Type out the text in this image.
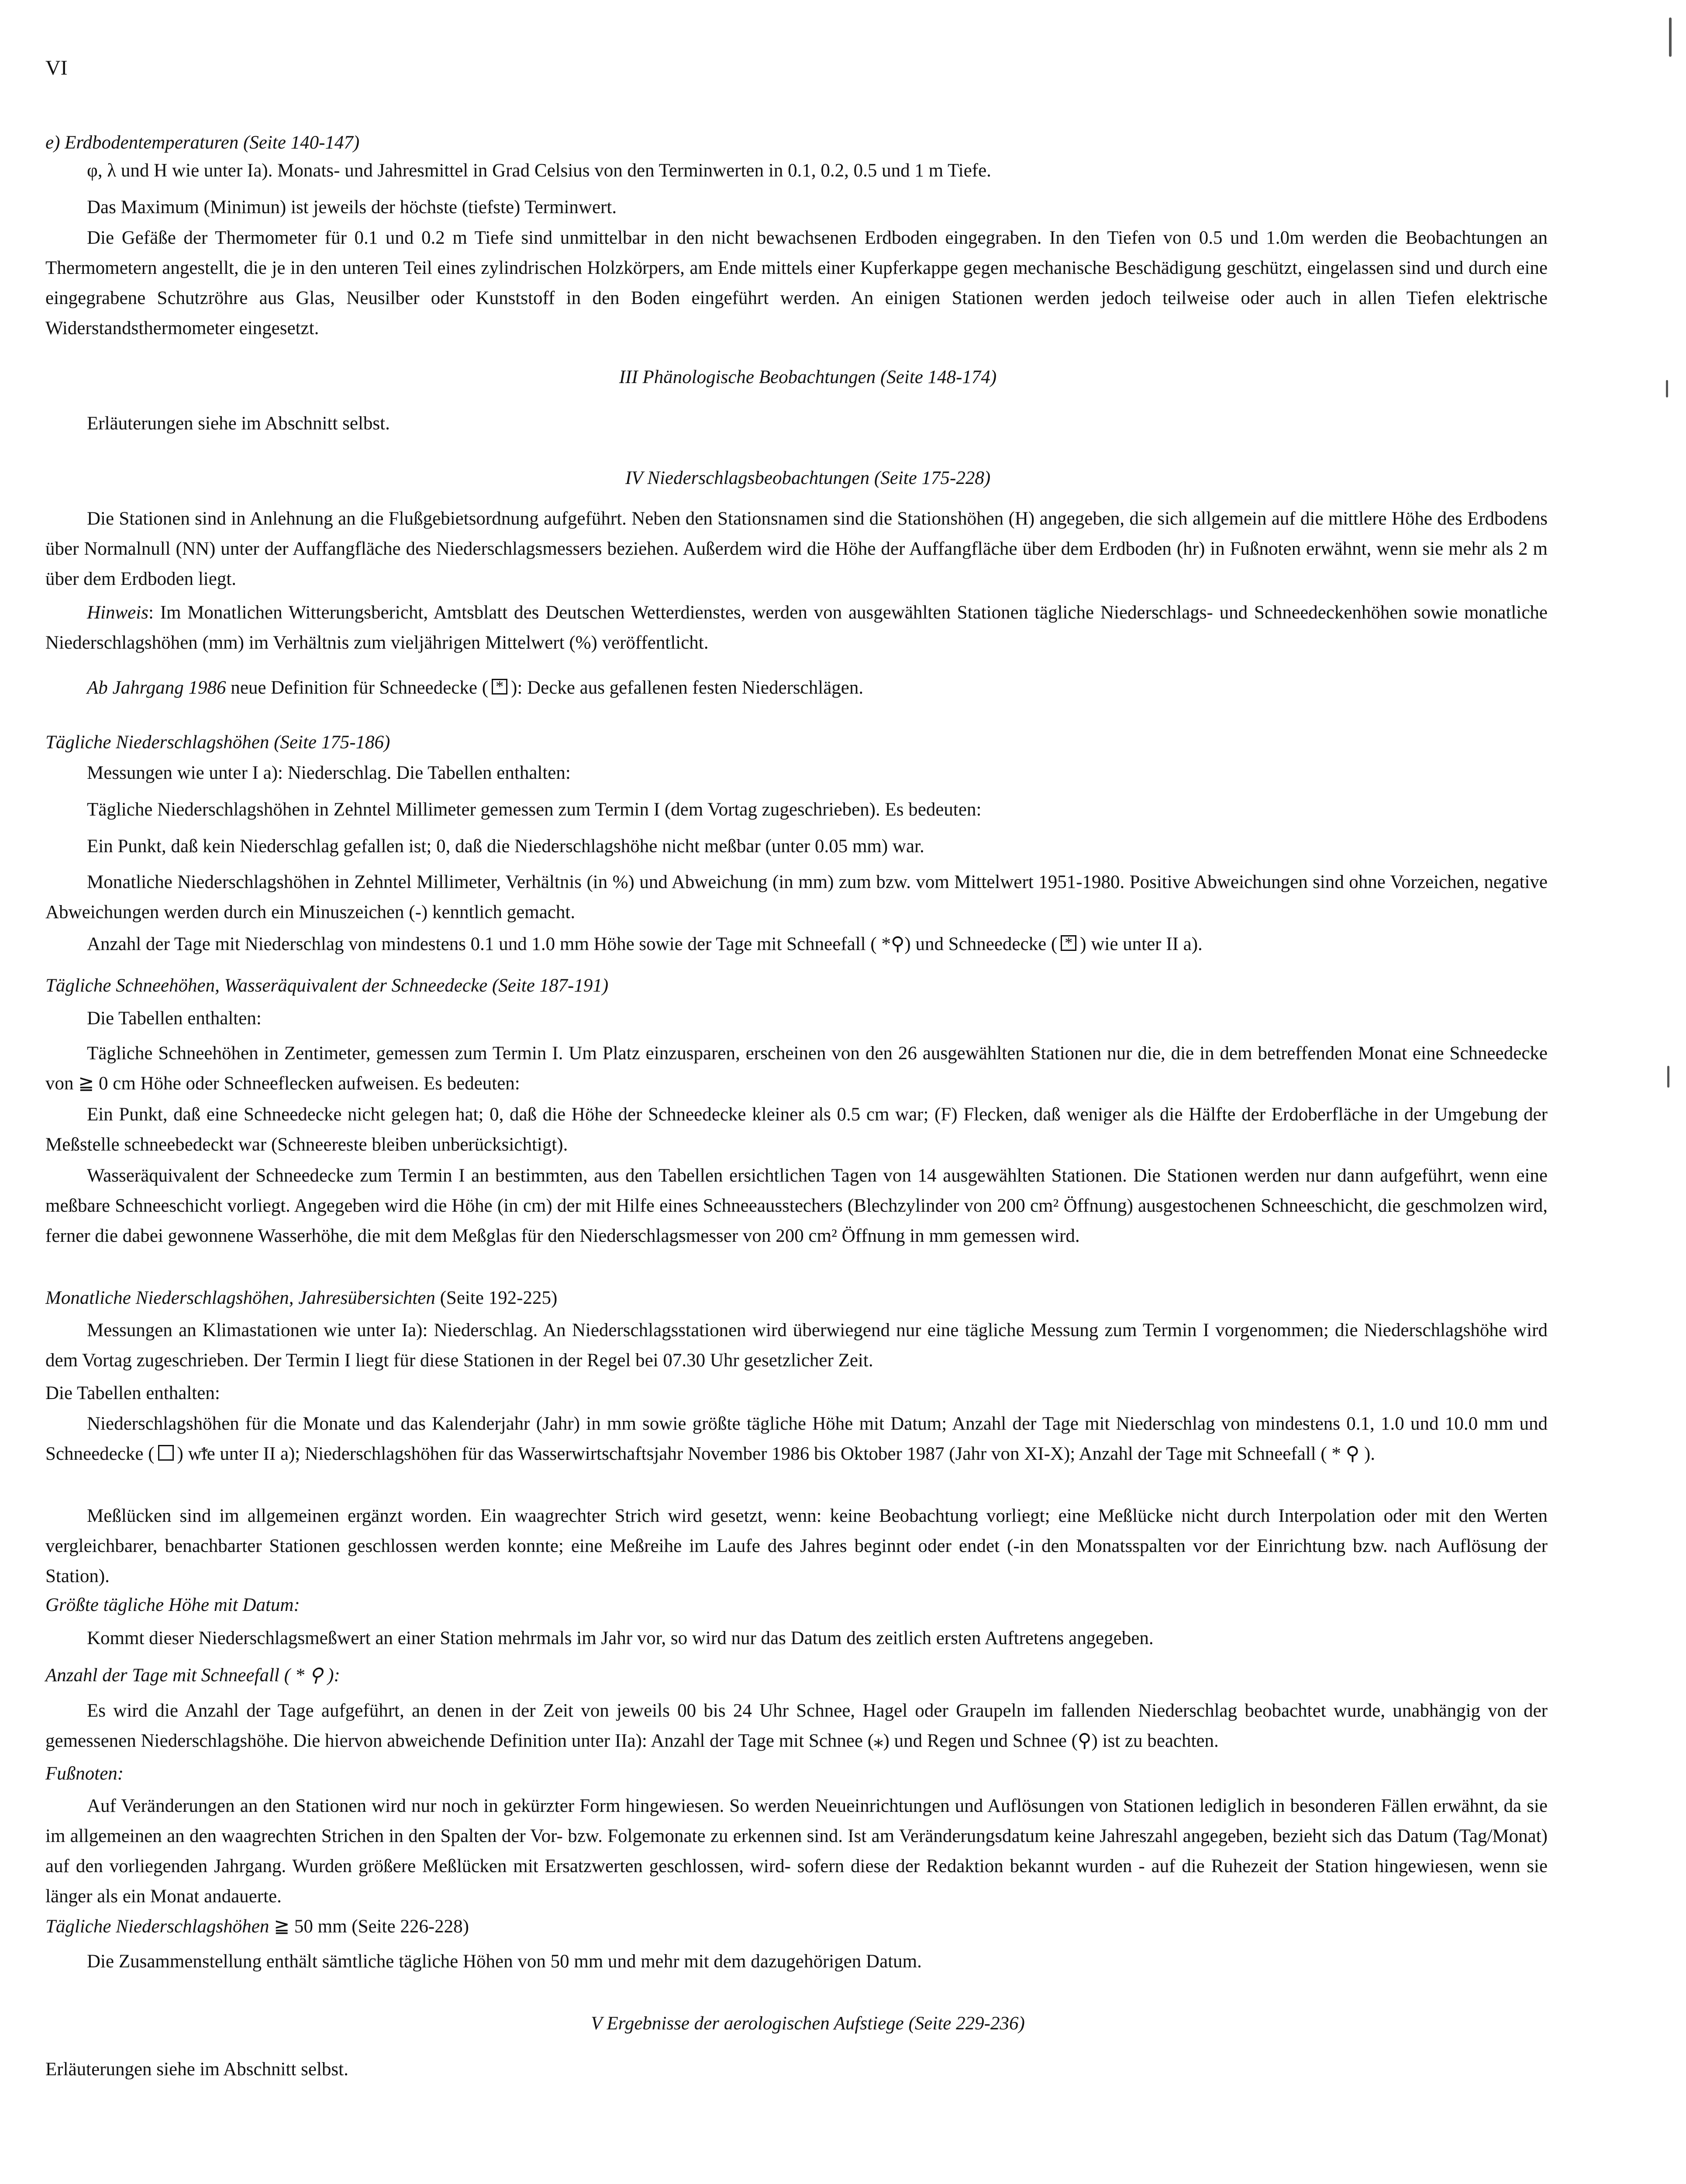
VI

e) Erdbodentemperaturen (Seite 140-147)

φ, λ und H wie unter Ia). Monats- und Jahresmittel in Grad Celsius von den Terminwerten in 0.1, 0.2, 0.5 und 1 m Tiefe.

Das Maximum (Minimun) ist jeweils der höchste (tiefste) Terminwert.

Die Gefäße der Thermometer für 0.1 und 0.2 m Tiefe sind unmittelbar in den nicht bewachsenen Erdboden eingegraben. In den Tiefen von 0.5 und 1.0m werden die Beobachtungen an Thermometern angestellt, die je in den unteren Teil eines zylindrischen Holzkörpers, am Ende mittels einer Kupferkappe gegen mechanische Beschädigung geschützt, eingelassen sind und durch eine eingegrabene Schutzröhre aus Glas, Neusilber oder Kunststoff in den Boden eingeführt werden. An einigen Stationen werden jedoch teilweise oder auch in allen Tiefen elektrische Widerstandsthermometer eingesetzt.

III Phänologische Beobachtungen (Seite 148-174)

Erläuterungen siehe im Abschnitt selbst.

IV Niederschlagsbeobachtungen (Seite 175-228)

Die Stationen sind in Anlehnung an die Flußgebietsordnung aufgeführt. Neben den Stationsnamen sind die Stationshöhen (H) angegeben, die sich allgemein auf die mittlere Höhe des Erdbodens über Normalnull (NN) unter der Auffangfläche des Niederschlagsmessers beziehen. Außerdem wird die Höhe der Auffangfläche über dem Erdboden (hr) in Fußnoten erwähnt, wenn sie mehr als 2 m über dem Erdboden liegt.

Hinweis: Im Monatlichen Witterungsbericht, Amtsblatt des Deutschen Wetterdienstes, werden von ausgewählten Stationen tägliche Niederschlags- und Schneedeckenhöhen sowie monatliche Niederschlagshöhen (mm) im Verhältnis zum vieljährigen Mittelwert (%) veröffentlicht.

Ab Jahrgang 1986 neue Definition für Schneedecke ( * ): Decke aus gefallenen festen Niederschlägen.

Tägliche Niederschlagshöhen (Seite 175-186)

Messungen wie unter I a): Niederschlag. Die Tabellen enthalten:

Tägliche Niederschlagshöhen in Zehntel Millimeter gemessen zum Termin I (dem Vortag zugeschrieben). Es bedeuten:

Ein Punkt, daß kein Niederschlag gefallen ist; 0, daß die Niederschlagshöhe nicht meßbar (unter 0.05 mm) war.

Monatliche Niederschlagshöhen in Zehntel Millimeter, Verhältnis (in %) und Abweichung (in mm) zum bzw. vom Mittelwert 1951-1980. Positive Abweichungen sind ohne Vorzeichen, negative Abweichungen werden durch ein Minuszeichen (-) kenntlich gemacht.

Anzahl der Tage mit Niederschlag von mindestens 0.1 und 1.0 mm Höhe sowie der Tage mit Schneefall ( *⚲) und Schneedecke ( * ) wie unter II a).

Tägliche Schneehöhen, Wasseräquivalent der Schneedecke (Seite 187-191)

Die Tabellen enthalten:

Tägliche Schneehöhen in Zentimeter, gemessen zum Termin I. Um Platz einzusparen, erscheinen von den 26 ausgewählten Stationen nur die, die in dem betreffenden Monat eine Schneedecke von ≧ 0 cm Höhe oder Schneeflecken aufweisen. Es bedeuten:

Ein Punkt, daß eine Schneedecke nicht gelegen hat; 0, daß die Höhe der Schneedecke kleiner als 0.5 cm war; (F) Flecken, daß weniger als die Hälfte der Erdoberfläche in der Umgebung der Meßstelle schneebedeckt war (Schneereste bleiben unberücksichtigt).

Wasseräquivalent der Schneedecke zum Termin I an bestimmten, aus den Tabellen ersichtlichen Tagen von 14 ausgewählten Stationen. Die Stationen werden nur dann aufgeführt, wenn eine meßbare Schneeschicht vorliegt. Angegeben wird die Höhe (in cm) der mit Hilfe eines Schneeausstechers (Blechzylinder von 200 cm² Öffnung) ausgestochenen Schneeschicht, die geschmolzen wird, ferner die dabei gewonnene Wasserhöhe, die mit dem Meßglas für den Niederschlagsmesser von 200 cm² Öffnung in mm gemessen wird.

Monatliche Niederschlagshöhen, Jahresübersichten (Seite 192-225)

Messungen an Klimastationen wie unter Ia): Niederschlag. An Niederschlagsstationen wird überwiegend nur eine tägliche Messung zum Termin I vorgenommen; die Niederschlagshöhe wird dem Vortag zugeschrieben. Der Termin I liegt für diese Stationen in der Regel bei 07.30 Uhr gesetzlicher Zeit.

Die Tabellen enthalten:

Niederschlagshöhen für die Monate und das Kalenderjahr (Jahr) in mm sowie größte tägliche Höhe mit Datum; Anzahl der Tage mit Niederschlag von mindestens 0.1, 1.0 und 10.0 mm und Schneedecke ( * ) wie unter II a); Niederschlagshöhen für das Wasserwirtschaftsjahr November 1986 bis Oktober 1987 (Jahr von XI-X); Anzahl der Tage mit Schneefall ( * ⚲ ).

Meßlücken sind im allgemeinen ergänzt worden. Ein waagrechter Strich wird gesetzt, wenn: keine Beobachtung vorliegt; eine Meßlücke nicht durch Interpolation oder mit den Werten vergleichbarer, benachbarter Stationen geschlossen werden konnte; eine Meßreihe im Laufe des Jahres beginnt oder endet (-in den Monatsspalten vor der Einrichtung bzw. nach Auflösung der Station).

Größte tägliche Höhe mit Datum:

Kommt dieser Niederschlagsmeßwert an einer Station mehrmals im Jahr vor, so wird nur das Datum des zeitlich ersten Auftretens angegeben.

Anzahl der Tage mit Schneefall ( * ⚲ ):

Es wird die Anzahl der Tage aufgeführt, an denen in der Zeit von jeweils 00 bis 24 Uhr Schnee, Hagel oder Graupeln im fallenden Niederschlag beobachtet wurde, unabhängig von der gemessenen Niederschlagshöhe. Die hiervon abweichende Definition unter IIa): Anzahl der Tage mit Schnee (⁎) und Regen und Schnee (⚲) ist zu beachten.

Fußnoten:

Auf Veränderungen an den Stationen wird nur noch in gekürzter Form hingewiesen. So werden Neueinrichtungen und Auflösungen von Stationen lediglich in besonderen Fällen erwähnt, da sie im allgemeinen an den waagrechten Strichen in den Spalten der Vor- bzw. Folgemonate zu erkennen sind. Ist am Veränderungsdatum keine Jahreszahl angegeben, bezieht sich das Datum (Tag/Monat) auf den vorliegenden Jahrgang. Wurden größere Meßlücken mit Ersatzwerten geschlossen, wird- sofern diese der Redaktion bekannt wurden - auf die Ruhezeit der Station hingewiesen, wenn sie länger als ein Monat andauerte.

Tägliche Niederschlagshöhen ≧ 50 mm (Seite 226-228)

Die Zusammenstellung enthält sämtliche tägliche Höhen von 50 mm und mehr mit dem dazugehörigen Datum.

V Ergebnisse der aerologischen Aufstiege (Seite 229-236)

Erläuterungen siehe im Abschnitt selbst.
